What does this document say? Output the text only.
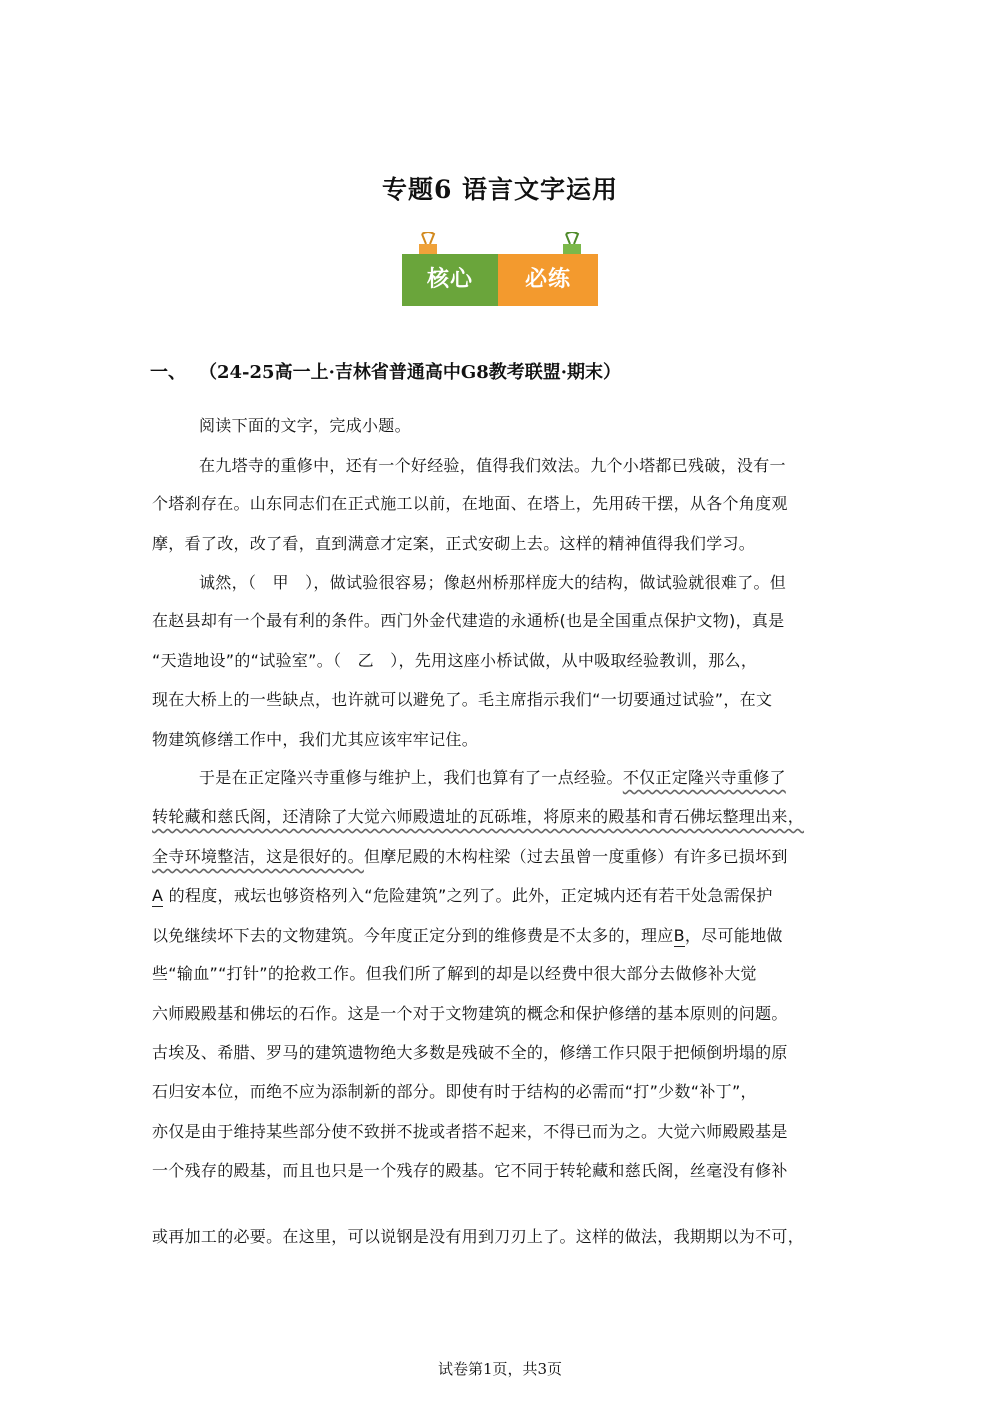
专题6 语言文字运用
核心	必练
一、 （24-25高一上·吉林省普通高中G8教考联盟·期末）
阅读下面的文字，完成小题。
在九塔寺的重修中，还有一个好经验，值得我们效法。九个小塔都已残破，没有一
个塔刹存在。山东同志们在正式施工以前，在地面、在塔上，先用砖干摆，从各个角度观
摩，看了改，改了看，直到满意才定案，正式安砌上去。这样的精神值得我们学习。
诚然，（　甲　），做试验很容易；像赵州桥那样庞大的结构，做试验就很难了。但
在赵县却有一个最有利的条件。西门外金代建造的永通桥(也是全国重点保护文物)，真是
“天造地设”的“试验室”。（　乙　），先用这座小桥试做，从中吸取经验教训，那么，
现在大桥上的一些缺点，也许就可以避免了。毛主席指示我们“一切要通过试验”，在文
物建筑修缮工作中，我们尤其应该牢牢记住。
于是在正定隆兴寺重修与维护上，我们也算有了一点经验。不仅正定隆兴寺重修了
转轮藏和慈氏阁，还清除了大觉六师殿遗址的瓦砾堆，将原来的殿基和青石佛坛整理出来，
全寺环境整洁，这是很好的。但摩尼殿的木构柱梁（过去虽曾一度重修）有许多已损坏到
A 的程度，戒坛也够资格列入“危险建筑”之列了。此外，正定城内还有若干处急需保护
以免继续坏下去的文物建筑。今年度正定分到的维修费是不太多的，理应B，尽可能地做
些“输血”“打针”的抢救工作。但我们所了解到的却是以经费中很大部分去做修补大觉
六师殿殿基和佛坛的石作。这是一个对于文物建筑的概念和保护修缮的基本原则的问题。
古埃及、希腊、罗马的建筑遗物绝大多数是残破不全的，修缮工作只限于把倾倒坍塌的原
石归安本位，而绝不应为添制新的部分。即使有时于结构的必需而“打”少数“补丁”，
亦仅是由于维持某些部分使不致拼不拢或者搭不起来，不得已而为之。大觉六师殿殿基是
一个残存的殿基，而且也只是一个残存的殿基。它不同于转轮藏和慈氏阁，丝毫没有修补
或再加工的必要。在这里，可以说钢是没有用到刀刃上了。这样的做法，我期期以为不可，
试卷第1页，共3页
